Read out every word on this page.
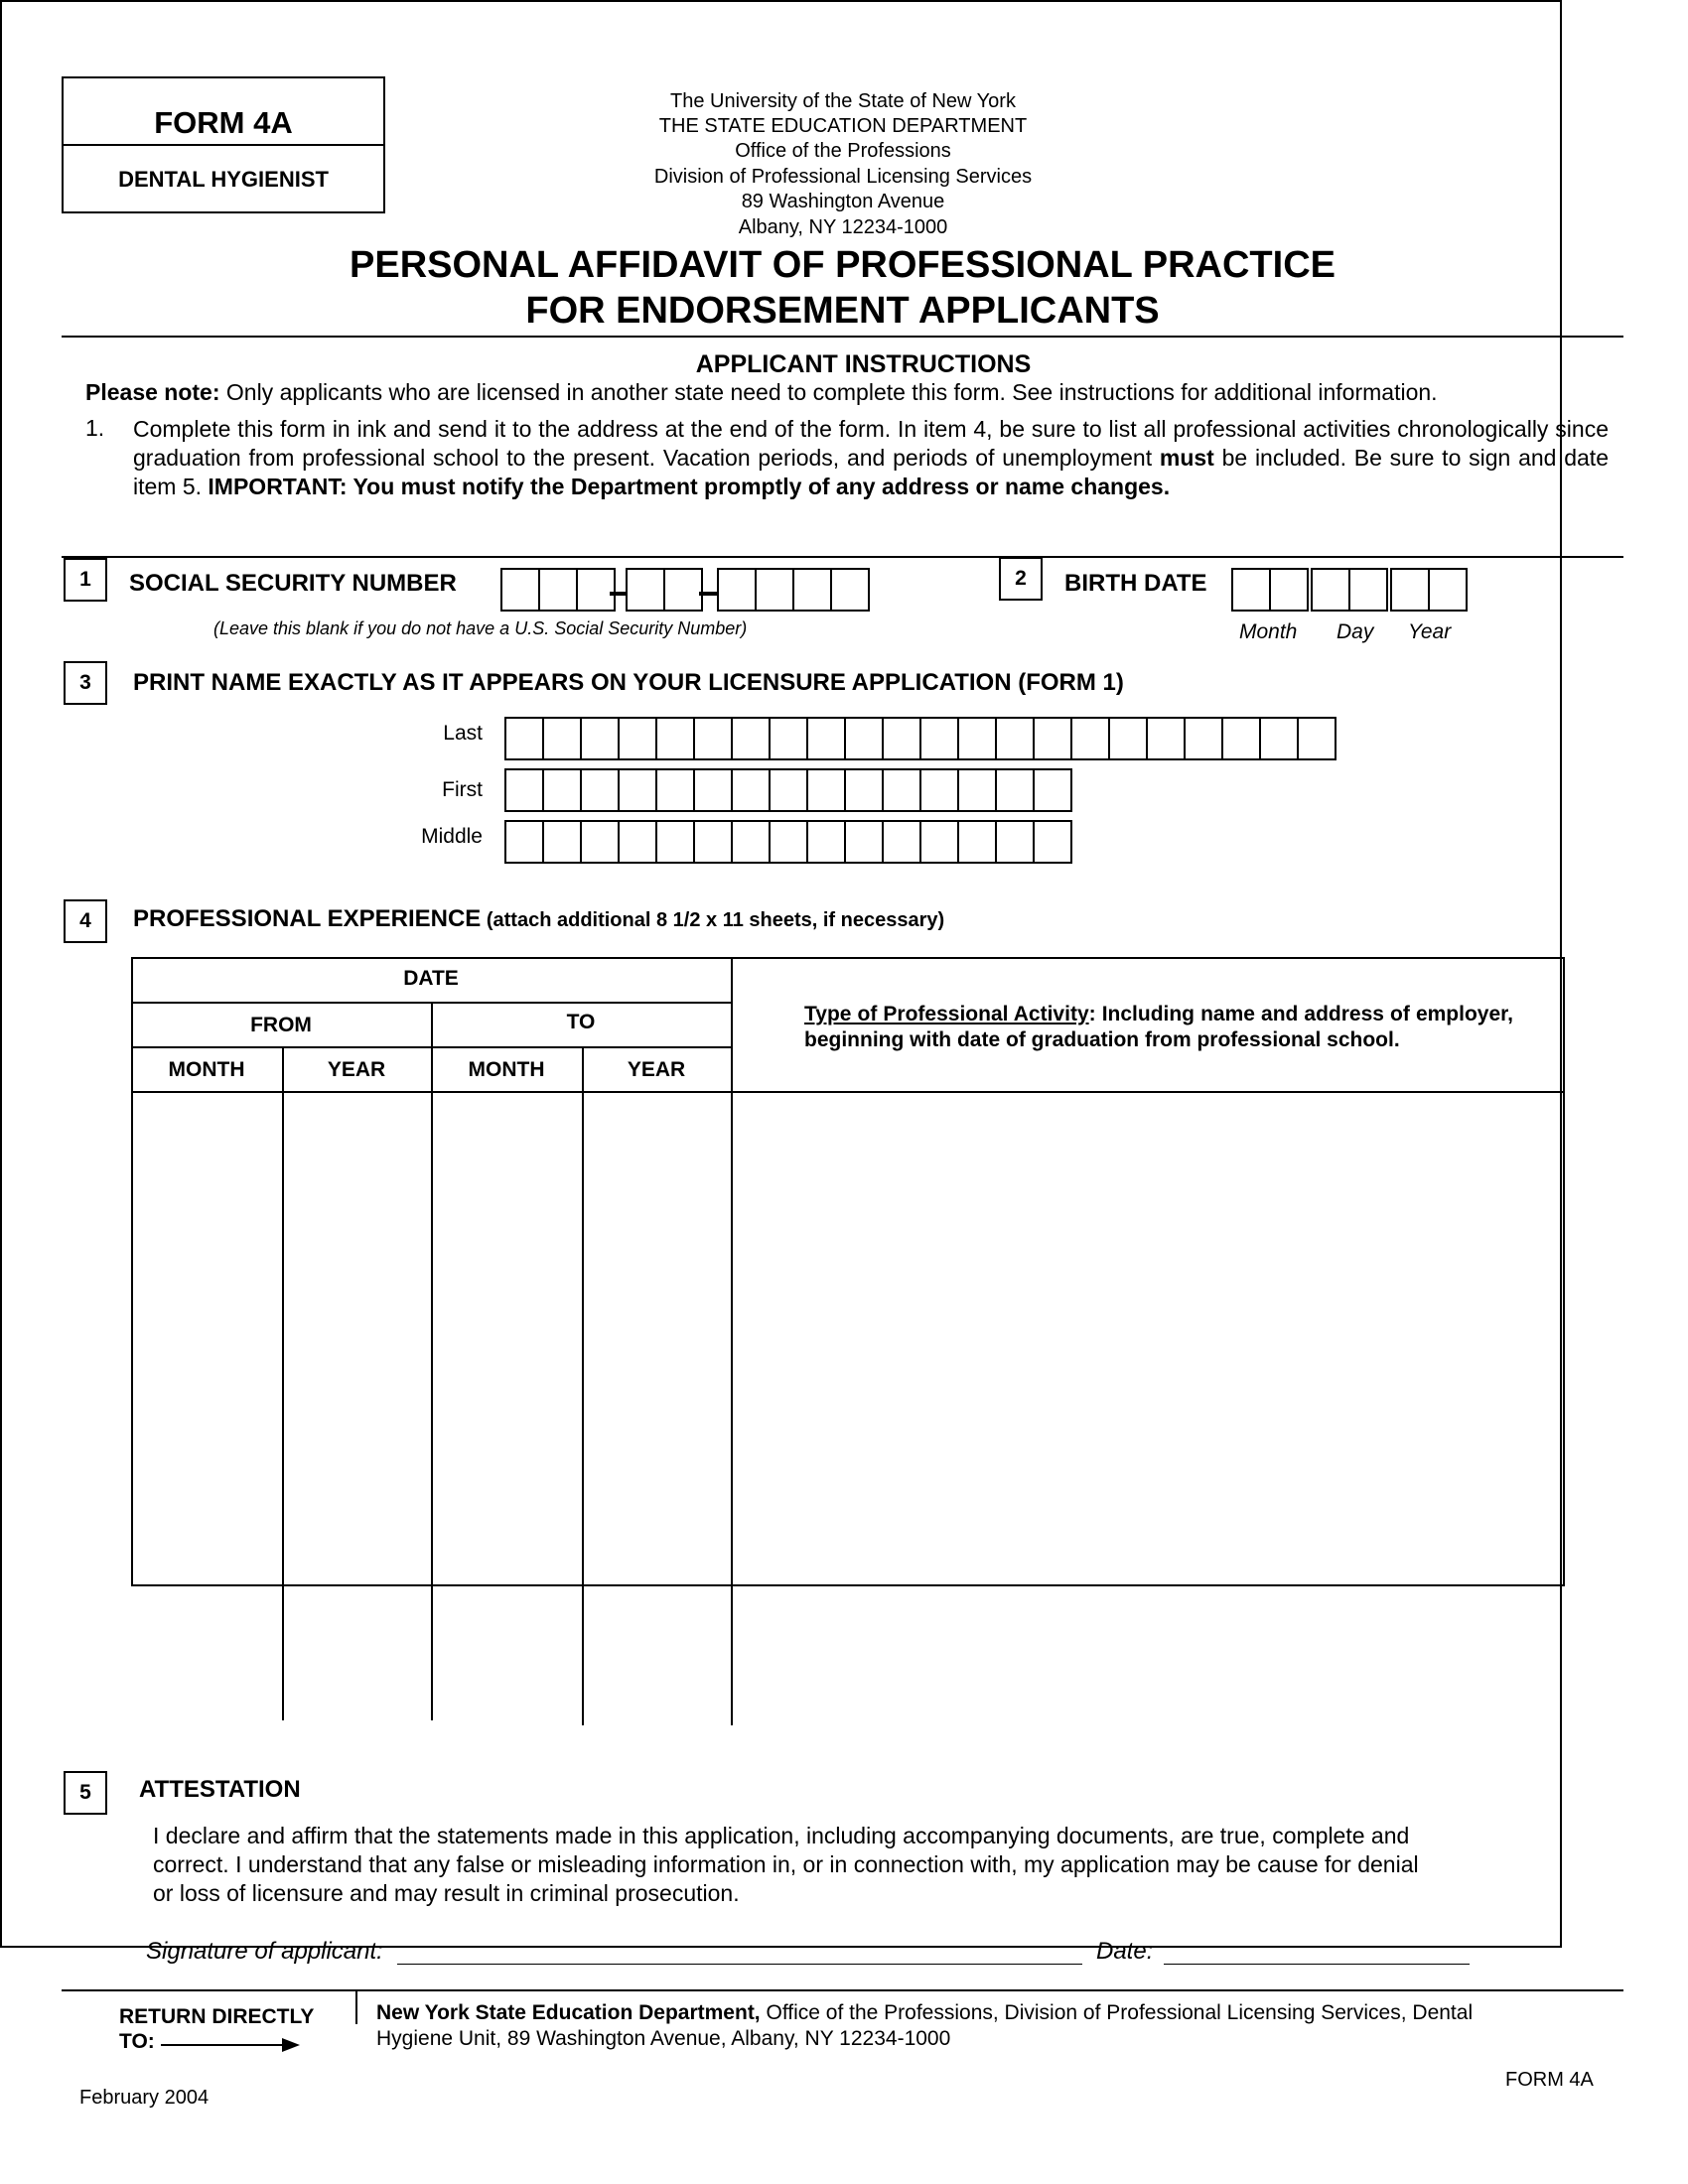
FORM 4A
DENTAL HYGIENIST
The University of the State of New York
THE STATE EDUCATION DEPARTMENT
Office of the Professions
Division of Professional Licensing Services
89 Washington Avenue
Albany, NY 12234-1000
PERSONAL AFFIDAVIT OF PROFESSIONAL PRACTICE
FOR ENDORSEMENT APPLICANTS
APPLICANT INSTRUCTIONS
Please note: Only applicants who are licensed in another state need to complete this form. See instructions for additional information.
1. Complete this form in ink and send it to the address at the end of the form. In item 4, be sure to list all professional activities chronologically since graduation from professional school to the present. Vacation periods, and periods of unemployment must be included. Be sure to sign and date item 5. IMPORTANT: You must notify the Department promptly of any address or name changes.
1	SOCIAL SECURITY NUMBER
(Leave this blank if you do not have a U.S. Social Security Number)
2	BIRTH DATE
Month Day Year
3	PRINT NAME EXACTLY AS IT APPEARS ON YOUR LICENSURE APPLICATION (FORM 1)
Last
First
Middle
4	PROFESSIONAL EXPERIENCE (attach additional 8 1/2 x 11 sheets, if necessary)
DATE
FROM	TO
MONTH	YEAR	MONTH	YEAR
Type of Professional Activity: Including name and address of employer, beginning with date of graduation from professional school.
5	ATTESTATION
I declare and affirm that the statements made in this application, including accompanying documents, are true, complete and
correct. I understand that any false or misleading information in, or in connection with, my application may be cause for denial
or loss of licensure and may result in criminal prosecution.
Signature of applicant:	Date:
RETURN DIRECTLY
TO:
New York State Education Department, Office of the Professions, Division of Professional Licensing Services, Dental
Hygiene Unit, 89 Washington Avenue, Albany, NY 12234-1000
February 2004
FORM 4A
